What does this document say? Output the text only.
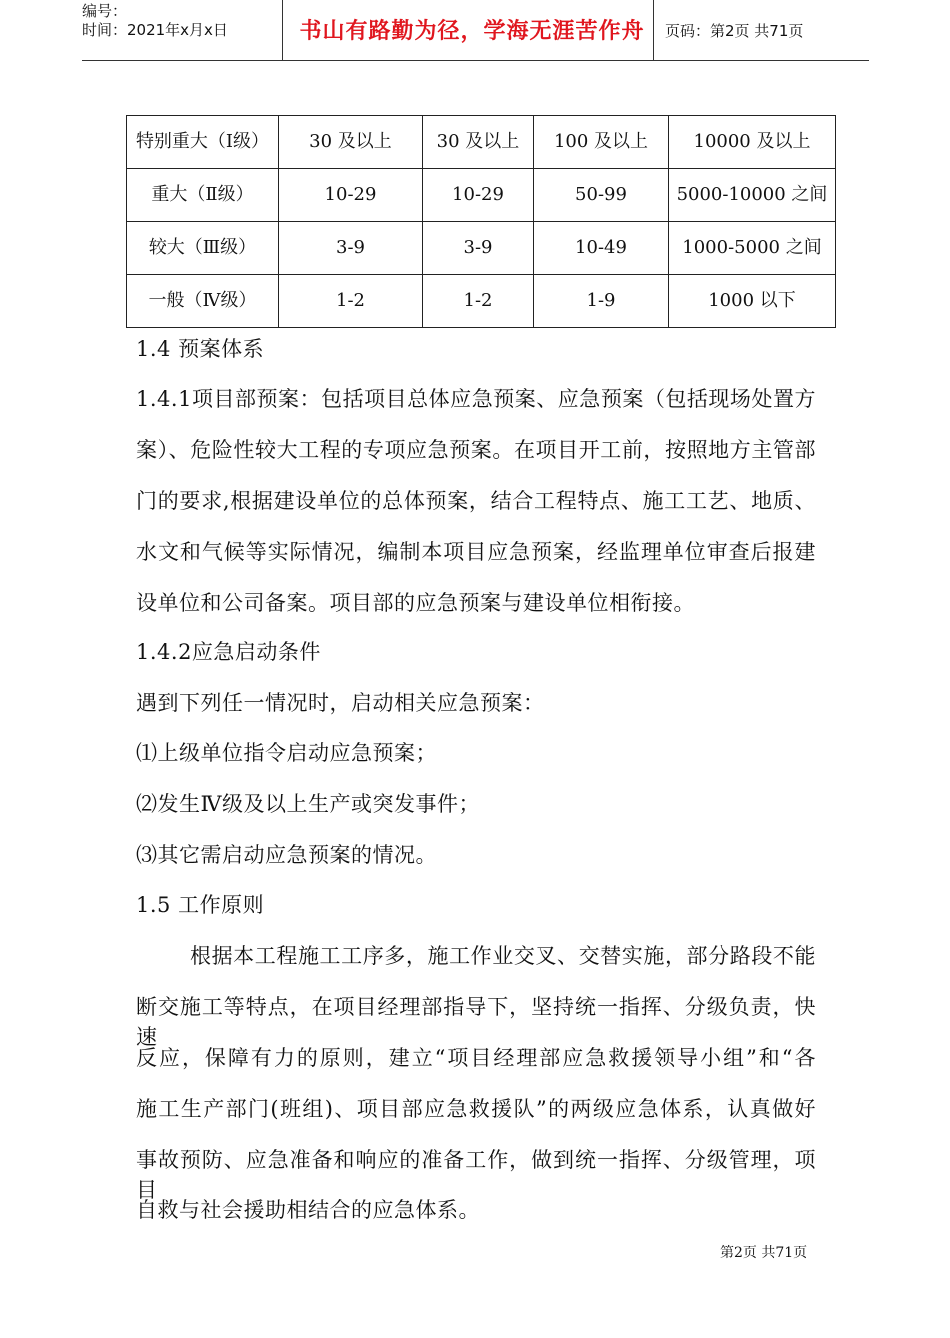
编号：
时间：2021年x月x日	书山有路勤为径，学海无涯苦作舟	页码：第2页 共71页
特别重大（Ⅰ级）	30 及以上	30 及以上	100 及以上	10000 及以上
重大（Ⅱ级）	10-29	10-29	50-99	5000-10000 之间
较大（Ⅲ级）	3-9	3-9	10-49	1000-5000 之间
一般（Ⅳ级）	1-2	1-2	1-9	1000 以下
1.4 预案体系
1.4.1项目部预案：包括项目总体应急预案、应急预案（包括现场处置方
案）、危险性较大工程的专项应急预案。在项目开工前，按照地方主管部
门的要求,根据建设单位的总体预案，结合工程特点、施工工艺、地质、
水文和气候等实际情况，编制本项目应急预案，经监理单位审查后报建
设单位和公司备案。项目部的应急预案与建设单位相衔接。
1.4.2应急启动条件
遇到下列任一情况时，启动相关应急预案：
⑴上级单位指令启动应急预案；
⑵发生Ⅳ级及以上生产或突发事件；
⑶其它需启动应急预案的情况。
1.5 工作原则
根据本工程施工工序多，施工作业交叉、交替实施，部分路段不能
断交施工等特点，在项目经理部指导下，坚持统一指挥、分级负责，快速
反应，保障有力的原则，建立“项目经理部应急救援领导小组”和“各
施工生产部门(班组)、项目部应急救援队”的两级应急体系，认真做好
事故预防、应急准备和响应的准备工作，做到统一指挥、分级管理，项目
自救与社会援助相结合的应急体系。
第2页 共71页
